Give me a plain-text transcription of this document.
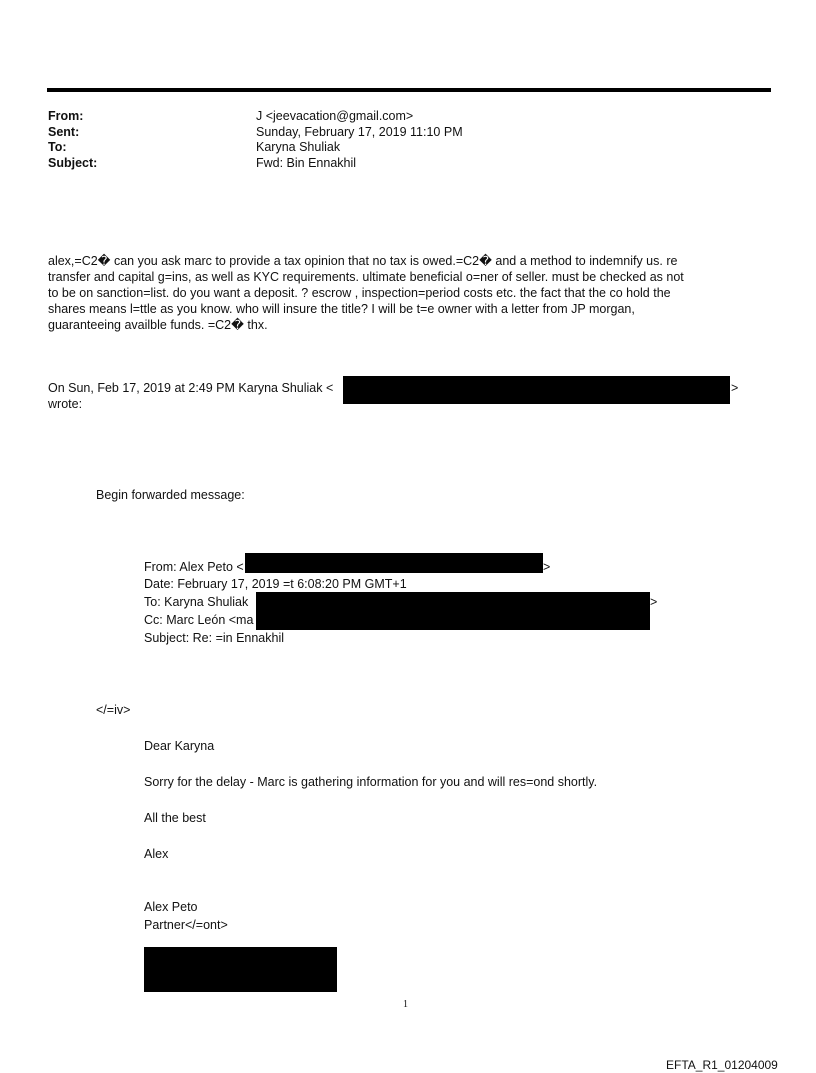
From:	J <jeevacation@gmail.com>
Sent:	Sunday, February 17, 2019 11:10 PM
To:	Karyna Shuliak
Subject:	Fwd: Bin Ennakhil
alex,=C2� can you ask marc to provide a tax opinion that no tax is owed.=C2� and a method to indemnify us. re
transfer and capital g=ins, as well as KYC requirements. ultimate beneficial o=ner of seller. must be checked as not
to be on sanction=list. do you want a deposit. ? escrow , inspection=period costs etc. the fact that the co hold the
shares means l=ttle as you know. who will insure the title? I will be t=e owner with a letter from JP morgan,
guaranteeing availble funds. =C2� thx.
On Sun, Feb 17, 2019 at 2:49 PM Karyna Shuliak <	>
wrote:
Begin forwarded message:
From: Alex Peto <	>
Date: February 17, 2019 =t 6:08:20 PM GMT+1
To: Karyna Shuliak	>
Cc: Marc León <ma
Subject: Re: =in Ennakhil
</=iv>
Dear Karyna
Sorry for the delay - Marc is gathering information for you and will res=ond shortly.
All the best
Alex
Alex Peto
Partner</=ont>
1
EFTA_R1_01204009
